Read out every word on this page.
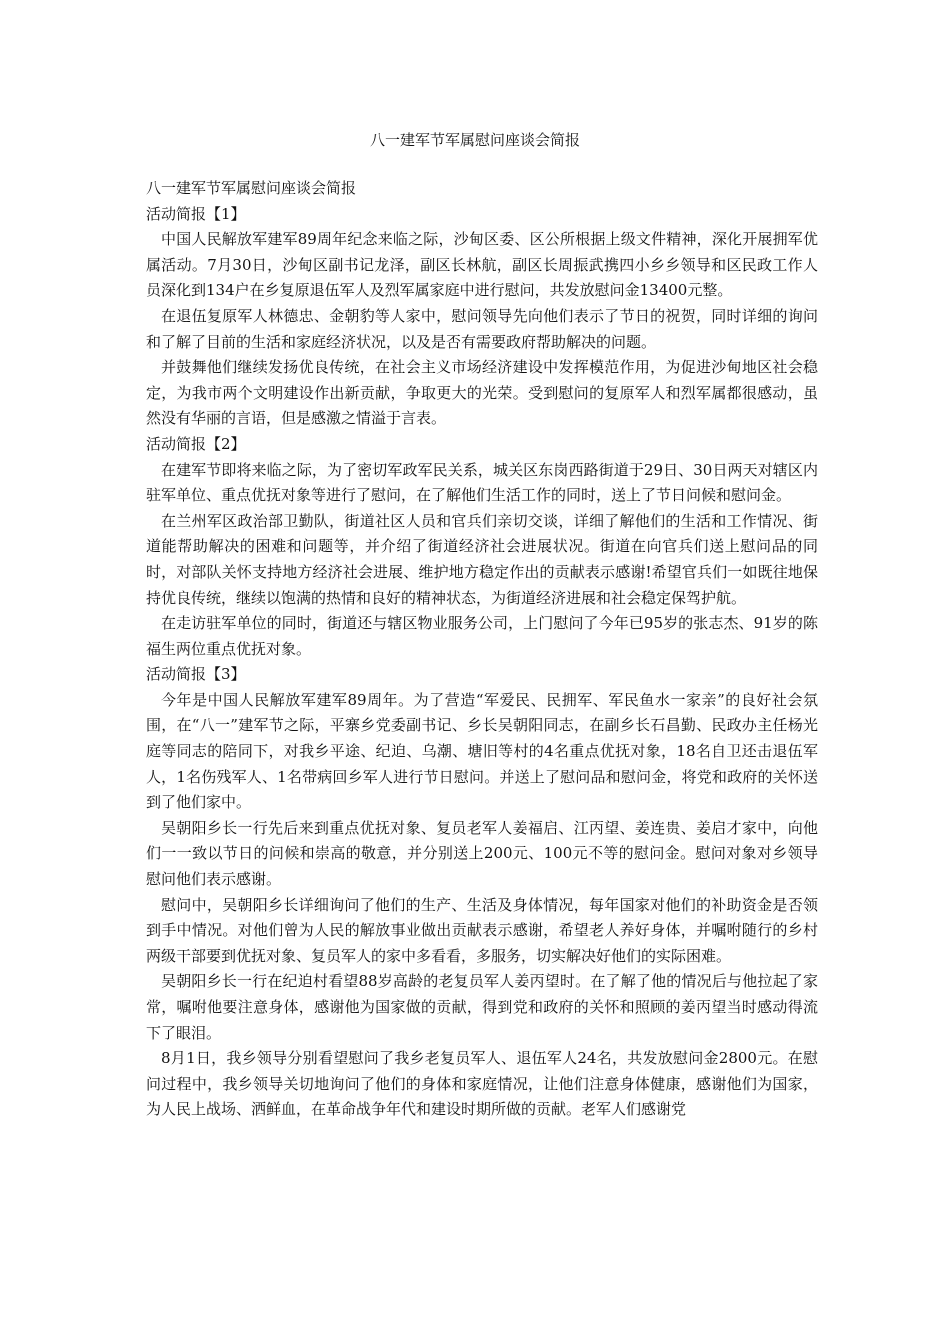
八一建军节军属慰问座谈会简报

八一建军节军属慰问座谈会简报

活动简报【1】

中国人民解放军建军89周年纪念来临之际，沙甸区委、区公所根据上级文件精神，深化开展拥军优属活动。7月30日，沙甸区副书记龙泽，副区长林航，副区长周振武携四小乡乡领导和区民政工作人员深化到134户在乡复原退伍军人及烈军属家庭中进行慰问，共发放慰问金13400元整。

在退伍复原军人林德忠、金朝豹等人家中，慰问领导先向他们表示了节日的祝贺，同时详细的询问和了解了目前的生活和家庭经济状况，以及是否有需要政府帮助解决的问题。

并鼓舞他们继续发扬优良传统，在社会主义市场经济建设中发挥模范作用，为促进沙甸地区社会稳定，为我市两个文明建设作出新贡献，争取更大的光荣。受到慰问的复原军人和烈军属都很感动，虽然没有华丽的言语，但是感激之情溢于言表。

活动简报【2】

在建军节即将来临之际，为了密切军政军民关系，城关区东岗西路街道于29日、30日两天对辖区内驻军单位、重点优抚对象等进行了慰问，在了解他们生活工作的同时，送上了节日问候和慰问金。

在兰州军区政治部卫勤队，街道社区人员和官兵们亲切交谈，详细了解他们的生活和工作情况、街道能帮助解决的困难和问题等，并介绍了街道经济社会进展状况。街道在向官兵们送上慰问品的同时，对部队关怀支持地方经济社会进展、维护地方稳定作出的贡献表示感谢!希望官兵们一如既往地保持优良传统，继续以饱满的热情和良好的精神状态，为街道经济进展和社会稳定保驾护航。

在走访驻军单位的同时，街道还与辖区物业服务公司，上门慰问了今年已95岁的张志杰、91岁的陈福生两位重点优抚对象。

活动简报【3】

今年是中国人民解放军建军89周年。为了营造“军爱民、民拥军、军民鱼水一家亲”的良好社会氛围，在“八一”建军节之际，平寨乡党委副书记、乡长吴朝阳同志，在副乡长石昌勤、民政办主任杨光庭等同志的陪同下，对我乡平途、纪迫、乌潮、塘旧等村的4名重点优抚对象，18名自卫还击退伍军人，1名伤残军人、1名带病回乡军人进行节日慰问。并送上了慰问品和慰问金，将党和政府的关怀送到了他们家中。

吴朝阳乡长一行先后来到重点优抚对象、复员老军人姜福启、江丙望、姜连贵、姜启才家中，向他们一一致以节日的问候和崇高的敬意，并分别送上200元、100元不等的慰问金。慰问对象对乡领导慰问他们表示感谢。

慰问中，吴朝阳乡长详细询问了他们的生产、生活及身体情况，每年国家对他们的补助资金是否领到手中情况。对他们曾为人民的解放事业做出贡献表示感谢，希望老人养好身体，并嘱咐随行的乡村两级干部要到优抚对象、复员军人的家中多看看，多服务，切实解决好他们的实际困难。

吴朝阳乡长一行在纪迫村看望88岁高龄的老复员军人姜丙望时。在了解了他的情况后与他拉起了家常，嘱咐他要注意身体，感谢他为国家做的贡献，得到党和政府的关怀和照顾的姜丙望当时感动得流下了眼泪。

8月1日，我乡领导分别看望慰问了我乡老复员军人、退伍军人24名，共发放慰问金2800元。在慰问过程中，我乡领导关切地询问了他们的身体和家庭情况，让他们注意身体健康，感谢他们为国家，为人民上战场、洒鲜血，在革命战争年代和建设时期所做的贡献。老军人们感谢党
